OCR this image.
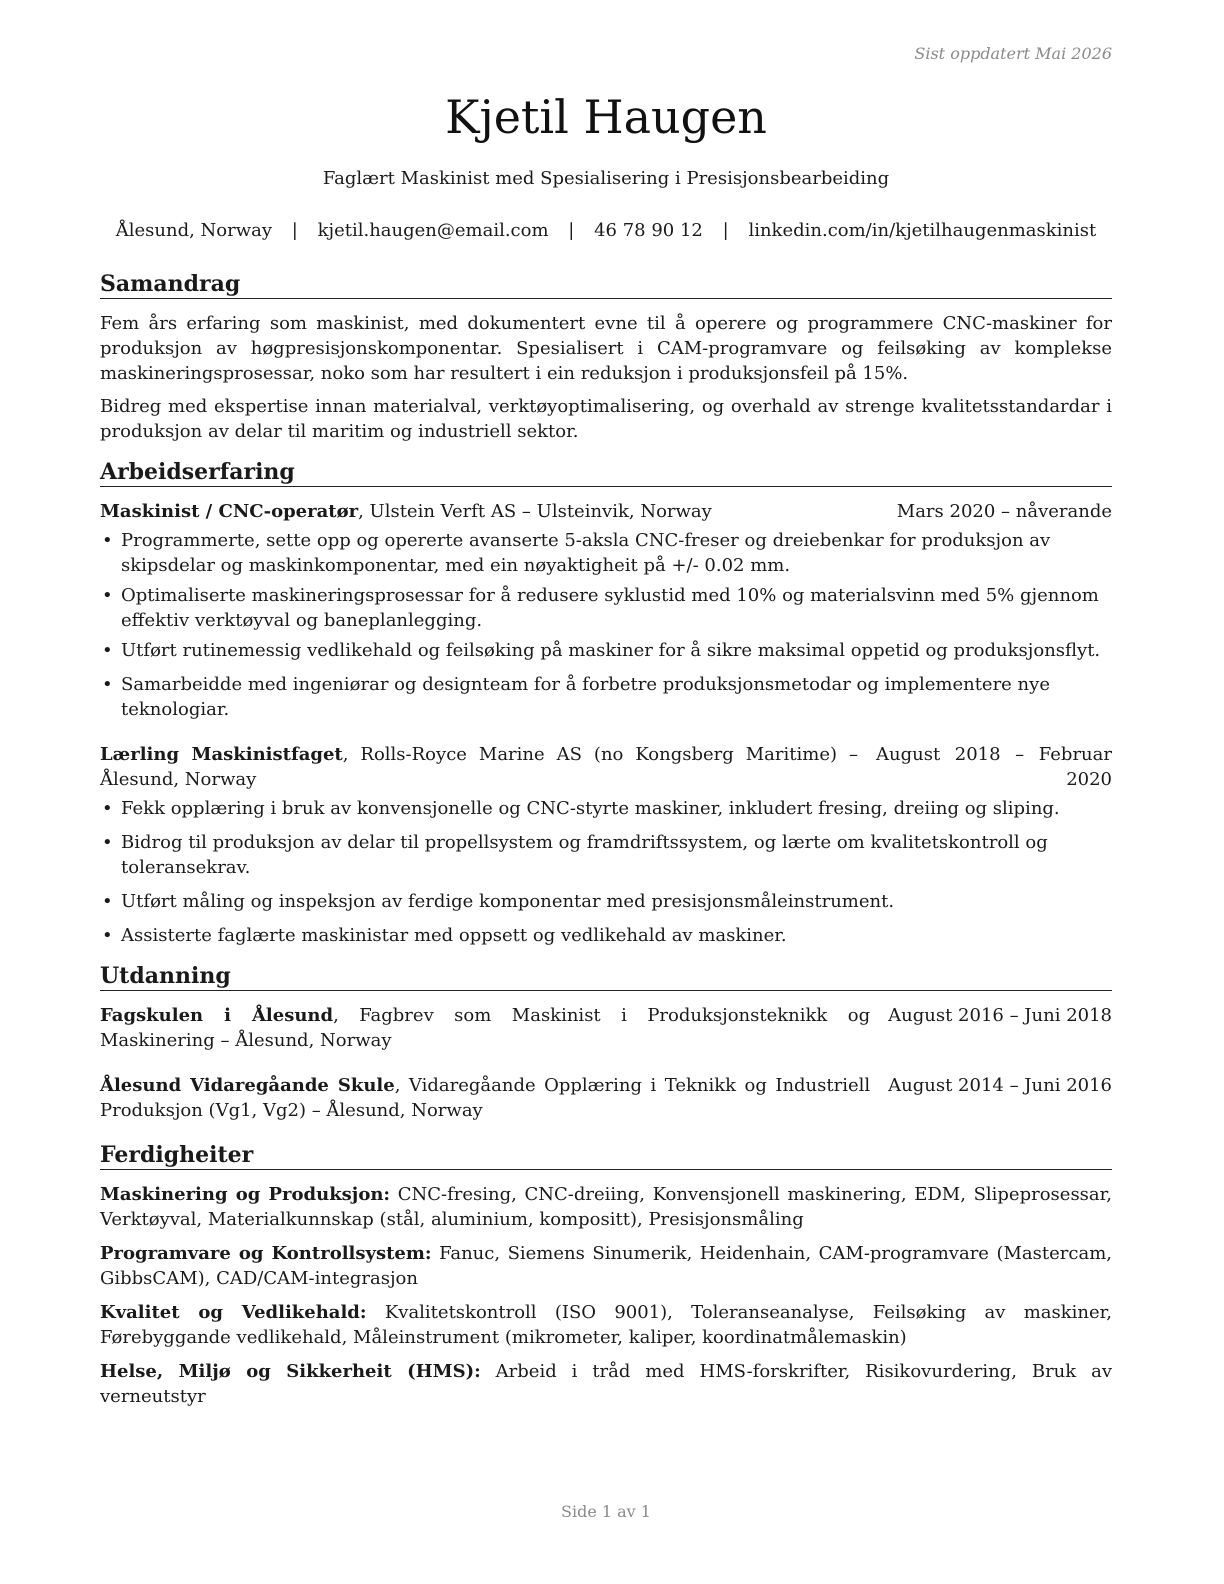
Sist oppdatert Mai 2026
Kjetil Haugen
Faglært Maskinist med Spesialisering i Presisjonsbearbeiding
Ålesund, Norway | kjetil.haugen@email.com | 46 78 90 12 | linkedin.com/in/kjetilhaugenmaskinist
Samandrag

Fem års erfaring som maskinist, med dokumentert evne til å operere og programmere CNC-maskiner for produksjon av høgpresisjonskomponentar. Spesialisert i CAM-programvare og feilsøking av komplekse maskineringsprosessar, noko som har resultert i ein reduksjon i produksjonsfeil på 15%.

Bidreg med ekspertise innan materialval, verktøyoptimalisering, og overhald av strenge kvalitetsstandardar i produksjon av delar til maritim og industriell sektor.

Arbeidserfaring
Maskinist / CNC-operatør, Ulstein Verft AS – Ulsteinvik, Norway	Mars 2020 – nåverande
• Programmerte, sette opp og opererte avanserte 5-aksla CNC-freser og dreiebenkar for produksjon av skipsdelar og maskinkomponentar, med ein nøyaktigheit på +/- 0.02 mm.
• Optimaliserte maskineringsprosessar for å redusere syklustid med 10% og materialsvinn med 5% gjennom effektiv verktøyval og baneplanlegging.
• Utført rutinemessig vedlikehald og feilsøking på maskiner for å sikre maksimal oppetid og produksjonsflyt.
• Samarbeidde med ingeniørar og designteam for å forbetre produksjonsmetodar og implementere nye teknologiar.
Lærling Maskinistfaget, Rolls-Royce Marine AS (no Kongsberg Maritime) – Ålesund, Norway
August 2018 – Februar 2020
• Fekk opplæring i bruk av konvensjonelle og CNC-styrte maskiner, inkludert fresing, dreiing og sliping.
• Bidrog til produksjon av delar til propellsystem og framdriftssystem, og lærte om kvalitetskontroll og toleransekrav.
• Utført måling og inspeksjon av ferdige komponentar med presisjonsmåleinstrument.
• Assisterte faglærte maskinistar med oppsett og vedlikehald av maskiner.
Utdanning
Fagskulen i Ålesund, Fagbrev som Maskinist i Produksjonsteknikk og Maskinering – Ålesund, Norway
August 2016 – Juni 2018
Ålesund Vidaregåande Skule, Vidaregåande Opplæring i Teknikk og Industriell Produksjon (Vg1, Vg2) – Ålesund, Norway
August 2014 – Juni 2016
Ferdigheiter
Maskinering og Produksjon: CNC-fresing, CNC-dreiing, Konvensjonell maskinering, EDM, Slipeprosessar, Verktøyval, Materialkunnskap (stål, aluminium, kompositt), Presisjonsmåling
Programvare og Kontrollsystem: Fanuc, Siemens Sinumerik, Heidenhain, CAM-programvare (Mastercam, GibbsCAM), CAD/CAM-integrasjon
Kvalitet og Vedlikehald: Kvalitetskontroll (ISO 9001), Toleranseanalyse, Feilsøking av maskiner, Førebyggande vedlikehald, Måleinstrument (mikrometer, kaliper, koordinatmålemaskin)
Helse, Miljø og Sikkerheit (HMS): Arbeid i tråd med HMS-forskrifter, Risikovurdering, Bruk av verneutstyr
Side 1 av 1
